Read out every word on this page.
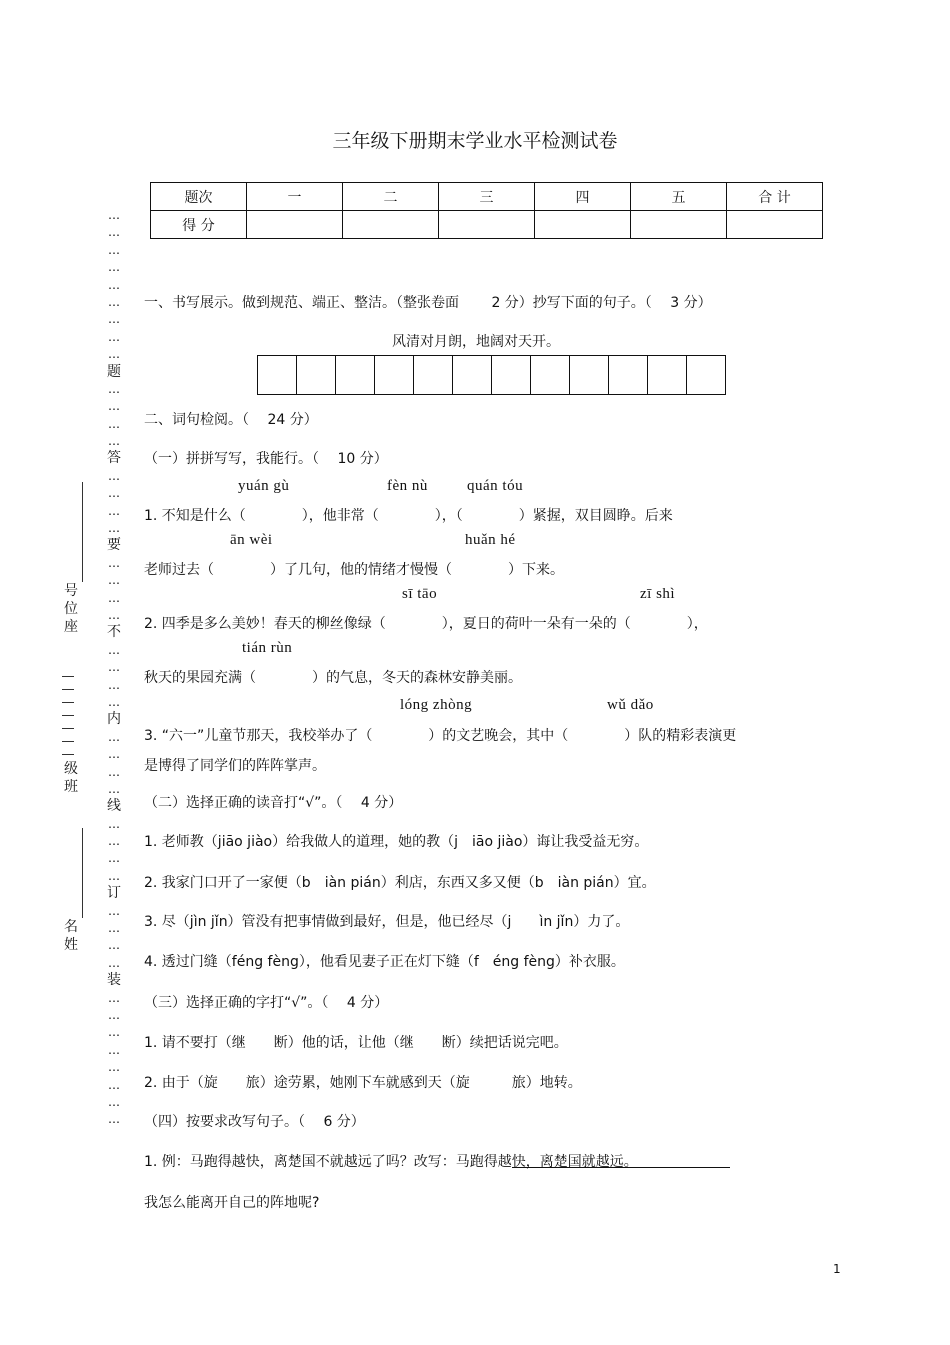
三年级下册期末学业水平检测试卷
题次	一	二	三	四	五	合 计
得 分						
…
…
…
…
…
…
…
…
…
题
…
…
…
…
答
…
…
…
…
要
…
…
…
…
不
…
…
…
…
内
…
…
…
…
线
…
…
…
…
订
…
…
…
…
装
…
…
…
…
…
…
…
…
号位座
级班
名姓
一、书写展示。做到规范、端正、整洁。（整张卷面　　 2 分）抄写下面的句子。（　 3 分）
风清对月朗，地阔对天开。
二、词句检阅。（　 24 分）
（一）拼拼写写，我能行。（　 10 分）
yuán gù	fèn nù	quán tóu
1. 不知是什么（　　　　），他非常（　　　　），（　　　　）紧握，双目圆睁。后来
ān wèi	huǎn hé
老师过去（　　　　）了几句，他的情绪才慢慢（　　　　）下来。
sī tāo	zī shì
2. 四季是多么美妙！春天的柳丝像绿（　　　　），夏日的荷叶一朵有一朵的（　　　　），
tián rùn
秋天的果园充满（　　　　）的气息，冬天的森林安静美丽。
lóng zhòng	wǔ dǎo
3. “六一”儿童节那天，我校举办了（　　　　）的文艺晚会，其中（　　　　）队的精彩表演更
是博得了同学们的阵阵掌声。
（二）选择正确的读音打“√”。（　 4 分）
1. 老师教（jiāo jiào）给我做人的道理，她的教（j　iāo jiào）诲让我受益无穷。
2. 我家门口开了一家便（b　iàn pián）利店，东西又多又便（b　iàn pián）宜。
3. 尽（jìn jǐn）管没有把事情做到最好，但是，他已经尽（j　　ìn jǐn）力了。
4. 透过门缝（féng fèng），他看见妻子正在灯下缝（f　éng fèng）补衣服。
（三）选择正确的字打“√”。（　 4 分）
1. 请不要打（继　　断）他的话，让他（继　　断）续把话说完吧。
2. 由于（旋　　旅）途劳累，她刚下车就感到天（旋　　　旅）地转。
（四）按要求改写句子。（　 6 分）
1. 例：马跑得越快，离楚国不就越远了吗？改写：马跑得越快，离楚国就越远。
我怎么能离开自己的阵地呢?
1
